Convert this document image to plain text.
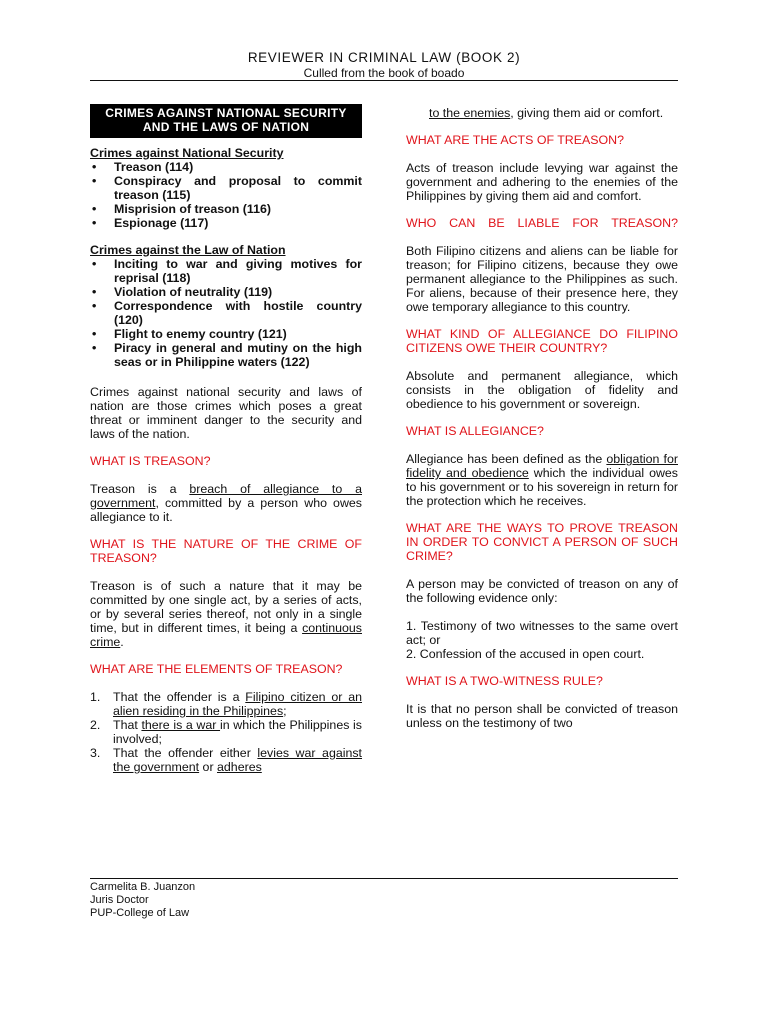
REVIEWER IN CRIMINAL LAW (BOOK 2)
Culled from the book of boado
CRIMES AGAINST NATIONAL SECURITY AND THE LAWS OF NATION
Crimes against National Security
• Treason (114)
• Conspiracy and proposal to commit treason (115)
• Misprision of treason (116)
• Espionage (117)
Crimes against the Law of Nation
• Inciting to war and giving motives for reprisal (118)
• Violation of neutrality (119)
• Correspondence with hostile country (120)
• Flight to enemy country (121)
• Piracy in general and mutiny on the high seas or in Philippine waters (122)

Crimes against national security and laws of nation are those crimes which poses a great threat or imminent danger to the security and laws of the nation.

WHAT IS TREASON?

Treason is a breach of allegiance to a government, committed by a person who owes allegiance to it.

WHAT IS THE NATURE OF THE CRIME OF TREASON?

Treason is of such a nature that it may be committed by one single act, by a series of acts, or by several series thereof, not only in a single time, but in different times, it being a continuous crime.

WHAT ARE THE ELEMENTS OF TREASON?
1. That the offender is a Filipino citizen or an alien residing in the Philippines;
2. That there is a war in which the Philippines is involved;
3. That the offender either levies war against the government or adheres

to the enemies, giving them aid or comfort.

WHAT ARE THE ACTS OF TREASON?

Acts of treason include levying war against the government and adhering to the enemies of the Philippines by giving them aid and comfort.

WHO CAN BE LIABLE FOR TREASON?

Both Filipino citizens and aliens can be liable for treason; for Filipino citizens, because they owe permanent allegiance to the Philippines as such. For aliens, because of their presence here, they owe temporary allegiance to this country.

WHAT KIND OF ALLEGIANCE DO FILIPINO CITIZENS OWE THEIR COUNTRY?

Absolute and permanent allegiance, which consists in the obligation of fidelity and obedience to his government or sovereign.

WHAT IS ALLEGIANCE?

Allegiance has been defined as the obligation for fidelity and obedience which the individual owes to his government or to his sovereign in return for the protection which he receives.

WHAT ARE THE WAYS TO PROVE TREASON IN ORDER TO CONVICT A PERSON OF SUCH CRIME?

A person may be convicted of treason on any of the following evidence only:

1. Testimony of two witnesses to the same overt act; or

2. Confession of the accused in open court.

WHAT IS A TWO-WITNESS RULE?

It is that no person shall be convicted of treason unless on the testimony of two

Carmelita B. Juanzon
Juris Doctor
PUP-College of Law
